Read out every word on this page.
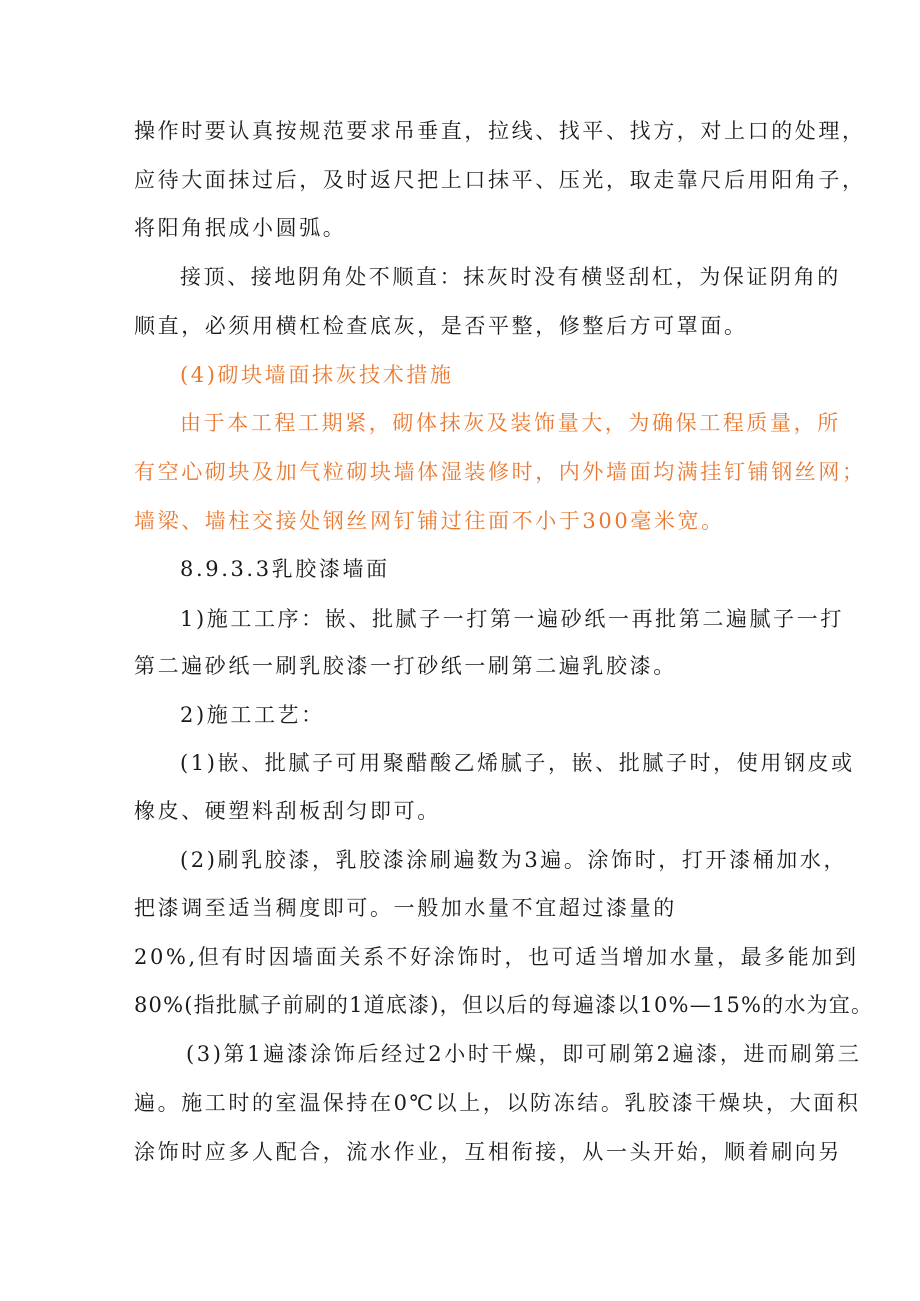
操作时要认真按规范要求吊垂直，拉线、找平、找方，对上口的处理，
应待大面抹过后，及时返尺把上口抹平、压光，取走靠尺后用阳角子，
将阳角抿成小圆弧。
接顶、接地阴角处不顺直：抹灰时没有横竖刮杠，为保证阴角的
顺直，必须用横杠检查底灰，是否平整，修整后方可罩面。
(4)砌块墙面抹灰技术措施
由于本工程工期紧，砌体抹灰及装饰量大，为确保工程质量，所
有空心砌块及加气粒砌块墙体湿装修时，内外墙面均满挂钉铺钢丝网；
墙梁、墙柱交接处钢丝网钉铺过往面不小于300毫米宽。
8.9.3.3乳胶漆墙面
1)施工工序：嵌、批腻子一打第一遍砂纸一再批第二遍腻子一打
第二遍砂纸一刷乳胶漆一打砂纸一刷第二遍乳胶漆。
2)施工工艺：
(1)嵌、批腻子可用聚醋酸乙烯腻子，嵌、批腻子时，使用钢皮或
橡皮、硬塑料刮板刮匀即可。
(2)刷乳胶漆，乳胶漆涂刷遍数为3遍。涂饰时，打开漆桶加水，
把漆调至适当稠度即可。一般加水量不宜超过漆量的
20%,但有时因墙面关系不好涂饰时，也可适当增加水量，最多能加到
80%(指批腻子前刷的1道底漆)，但以后的每遍漆以10%—15%的水为宜。
(3)第1遍漆涂饰后经过2小时干燥，即可刷第2遍漆，进而刷第三
遍。施工时的室温保持在0℃以上，以防冻结。乳胶漆干燥块，大面积
涂饰时应多人配合，流水作业，互相衔接，从一头开始，顺着刷向另
